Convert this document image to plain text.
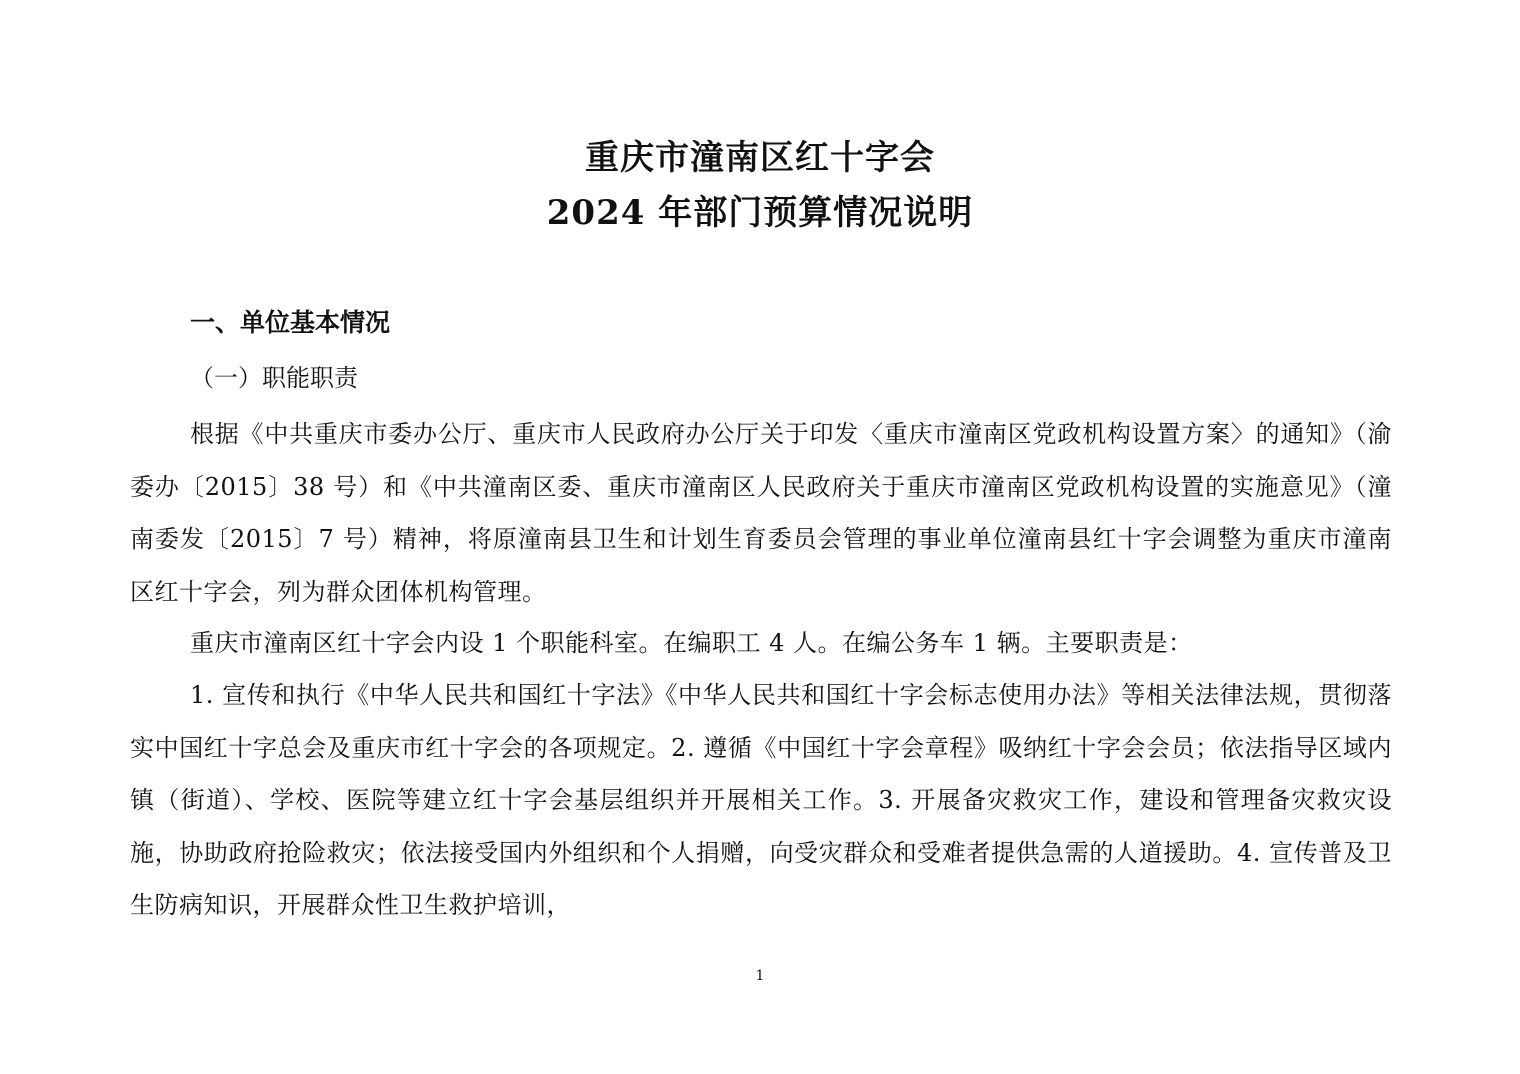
重庆市潼南区红十字会
2024 年部门预算情况说明
一、单位基本情况
（一）职能职责

根据《中共重庆市委办公厅、重庆市人民政府办公厅关于印发〈重庆市潼南区党政机构设置方案〉的通知》（渝委办〔2015〕38 号）和《中共潼南区委、重庆市潼南区人民政府关于重庆市潼南区党政机构设置的实施意见》（潼南委发〔2015〕7 号）精神，将原潼南县卫生和计划生育委员会管理的事业单位潼南县红十字会调整为重庆市潼南区红十字会，列为群众团体机构管理。

重庆市潼南区红十字会内设 1 个职能科室。在编职工 4 人。在编公务车 1 辆。主要职责是：

1. 宣传和执行《中华人民共和国红十字法》《中华人民共和国红十字会标志使用办法》等相关法律法规，贯彻落实中国红十字总会及重庆市红十字会的各项规定。2. 遵循《中国红十字会章程》吸纳红十字会会员；依法指导区域内镇（街道）、学校、医院等建立红十字会基层组织并开展相关工作。3. 开展备灾救灾工作，建设和管理备灾救灾设施，协助政府抢险救灾；依法接受国内外组织和个人捐赠，向受灾群众和受难者提供急需的人道援助。4. 宣传普及卫生防病知识，开展群众性卫生救护培训，

1
